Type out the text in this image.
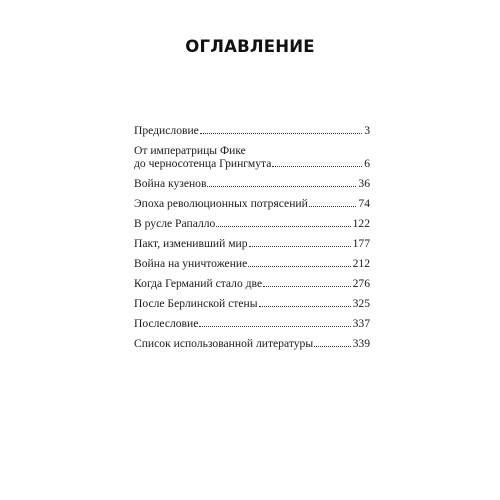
ОГЛАВЛЕНИЕ
Предисловие	3
От императрицы Фике
до черносотенца Грингмута	6
Война кузенов	36
Эпоха революционных потрясений	74
В русле Рапалло	122
Пакт, изменивший мир	177
Война на уничтожение	212
Когда Германий стало две	276
После Берлинской стены	325
Послесловие	337
Список использованной литературы	339
